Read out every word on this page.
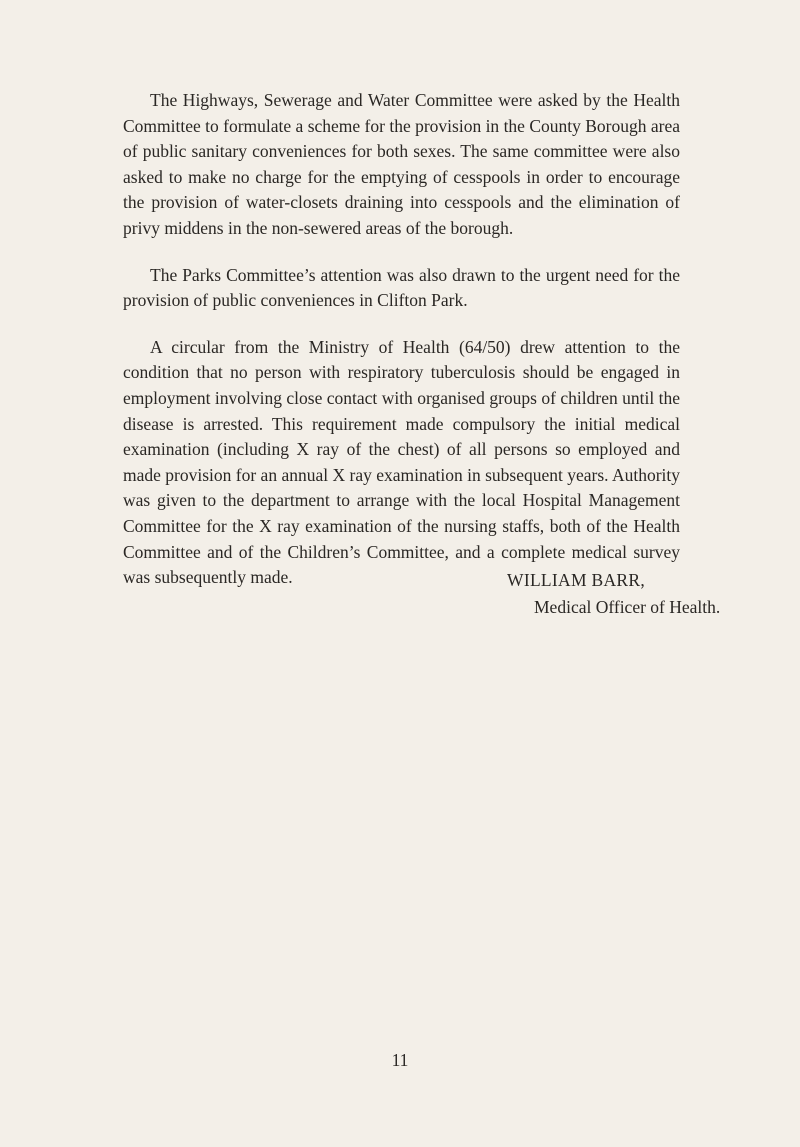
The Highways, Sewerage and Water Committee were asked by the Health Committee to formulate a scheme for the provision in the County Borough area of public sanitary conveniences for both sexes. The same committee were also asked to make no charge for the emptying of cesspools in order to encourage the provision of water-closets draining into cesspools and the elimination of privy middens in the non-sewered areas of the borough.

The Parks Committee’s attention was also drawn to the urgent need for the provision of public conveniences in Clifton Park.

A circular from the Ministry of Health (64/50) drew attention to the condition that no person with respiratory tuberculosis should be engaged in employment involving close contact with organised groups of children until the disease is arrested. This requirement made compulsory the initial medical examination (including X ray of the chest) of all persons so employed and made provision for an annual X ray examination in subsequent years. Authority was given to the department to arrange with the local Hospital Management Committee for the X ray examination of the nursing staffs, both of the Health Committee and of the Children’s Committee, and a complete medical survey was subsequently made.	WILLIAM BARR,
Medical Officer of Health.
11
